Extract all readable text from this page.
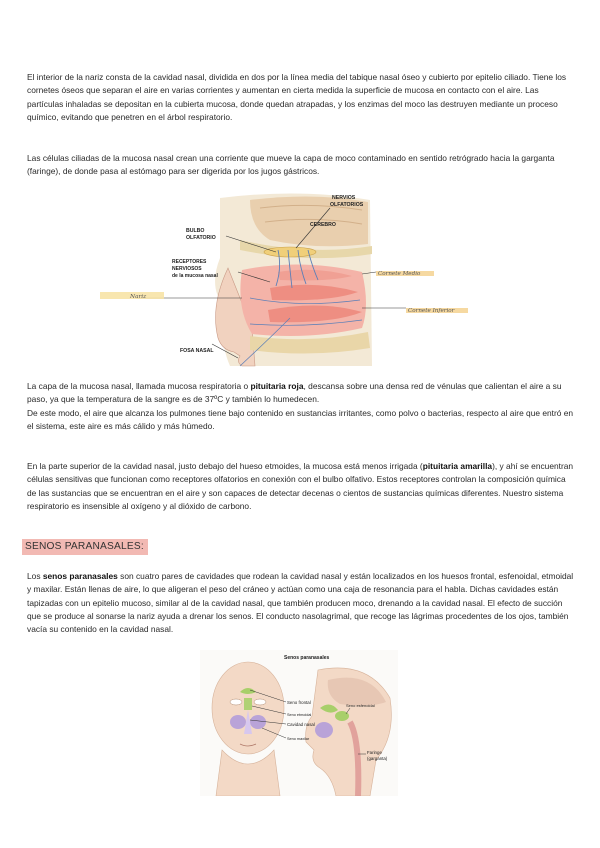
El interior de la nariz consta de la cavidad nasal, dividida en dos por la línea media del tabique nasal óseo y cubierto por epitelio ciliado. Tiene los cornetes óseos que separan el aire en varias corrientes y aumentan en cierta medida la superficie de mucosa en contacto con el aire. Las partículas inhaladas se depositan en la cubierta mucosa, donde quedan atrapadas, y los enzimas del moco las destruyen mediante un proceso químico, evitando que penetren en el árbol respiratorio.

Las células ciliadas de la mucosa nasal crean una corriente que mueve la capa de moco contaminado en sentido retrógrado hacia la garganta (faringe), de donde pasa al estómago para ser digerida por los jugos gástricos.

NERVIOS
OLFATORIOS
CEREBRO
BULBO
OLFATORIO
RECEPTORES
NERVIOSOS
de la mucosa nasal
FOSA NASAL
Cornete Medio
Nariz
Cornete Inferior

La capa de la mucosa nasal, llamada mucosa respiratoria o pituitaria roja, descansa sobre una densa red de vénulas que calientan el aire a su paso, ya que la temperatura de la sangre es de 37ºC y también lo humedecen.
De este modo, el aire que alcanza los pulmones tiene bajo contenido en sustancias irritantes, como polvo o bacterias, respecto al aire que entró en el sistema, este aire es más cálido y más húmedo.

En la parte superior de la cavidad nasal, justo debajo del hueso etmoides, la mucosa está menos irrigada (pituitaria amarilla), y ahí se encuentran células sensitivas que funcionan como receptores olfatorios en conexión con el bulbo olfativo. Estos receptores controlan la composición química de las sustancias que se encuentran en el aire y son capaces de detectar decenas o cientos de sustancias químicas diferentes. Nuestro sistema respiratorio es insensible al oxígeno y al dióxido de carbono.

SENOS PARANASALES:

Los senos paranasales son cuatro pares de cavidades que rodean la cavidad nasal y están localizados en los huesos frontal, esfenoidal, etmoidal y maxilar. Están llenas de aire, lo que aligeran el peso del cráneo y actúan como una caja de resonancia para el habla. Dichas cavidades están tapizadas con un epitelio mucoso, similar al de la cavidad nasal, que también producen moco, drenando a la cavidad nasal. El efecto de succión que se produce al sonarse la nariz ayuda a drenar los senos. El conducto nasolagrimal, que recoge las lágrimas procedentes de los ojos, también vacía su contenido en la cavidad nasal.

Senos paranasales
Seno frontal
Seno etmoidal
Cavidad nasal
Seno maxilar
Seno esfenoidal
Faringe
(garganta)
